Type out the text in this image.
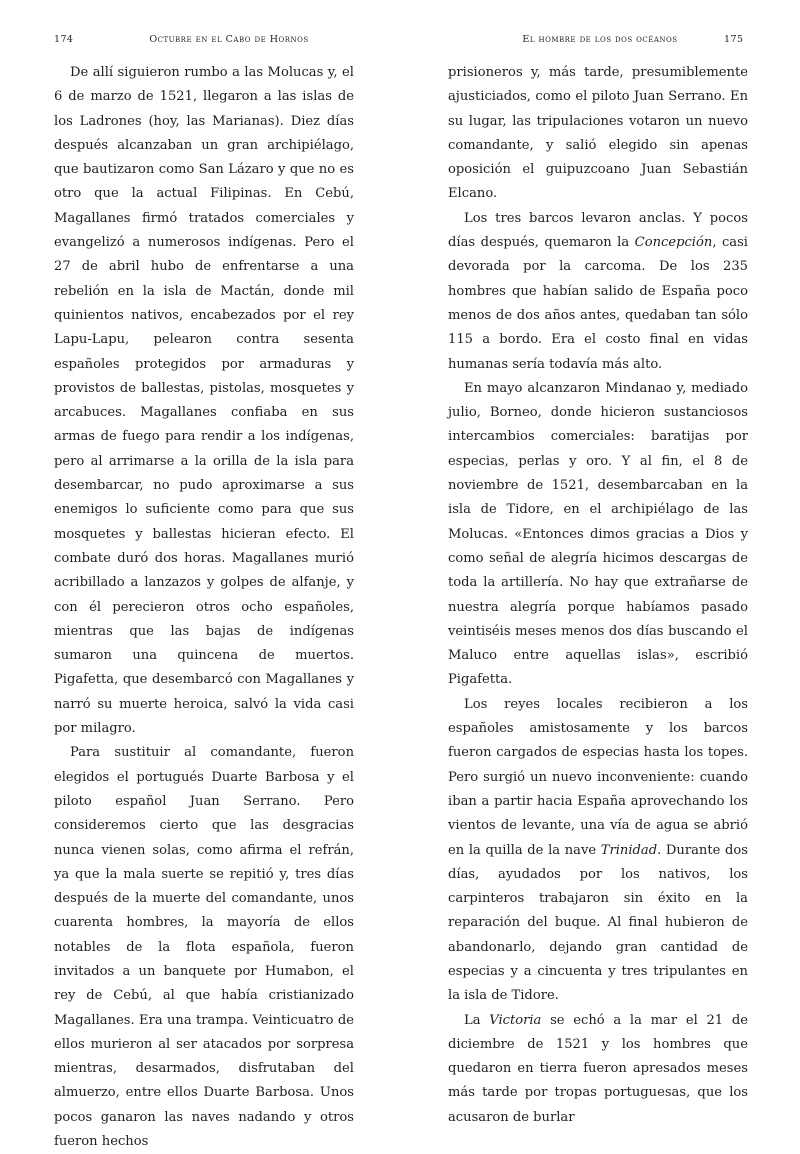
174	Octubre en el Cabo de Hornos

De allí siguieron rumbo a las Molucas y, el 6 de marzo de 1521, llegaron a las islas de los Ladrones (hoy, las Marianas). Diez días después alcanzaban un gran archipiélago, que bautizaron como San Lázaro y que no es otro que la actual Filipinas. En Cebú, Magallanes firmó tratados comerciales y evangelizó a numerosos indígenas. Pero el 27 de abril hubo de enfrentarse a una rebelión en la isla de Mactán, donde mil quinientos nativos, encabezados por el rey Lapu-Lapu, pelearon contra sesenta españoles protegidos por armaduras y provistos de ballestas, pistolas, mosquetes y arcabuces. Magallanes confiaba en sus armas de fuego para rendir a los indígenas, pero al arrimarse a la orilla de la isla para desembarcar, no pudo aproximarse a sus enemigos lo suficiente como para que sus mosquetes y ballestas hicieran efecto. El combate duró dos horas. Magallanes murió acribillado a lanzazos y golpes de alfanje, y con él perecieron otros ocho españoles, mientras que las bajas de indígenas sumaron una quincena de muertos. Pigafetta, que desembarcó con Magallanes y narró su muerte heroica, salvó la vida casi por milagro.

Para sustituir al comandante, fueron elegidos el portugués Duarte Barbosa y el piloto español Juan Serrano. Pero consideremos cierto que las desgracias nunca vienen solas, como afirma el refrán, ya que la mala suerte se repitió y, tres días después de la muerte del comandante, unos cuarenta hombres, la mayoría de ellos notables de la flota española, fueron invitados a un banquete por Humabon, el rey de Cebú, al que había cristianizado Magallanes. Era una trampa. Veinticuatro de ellos murieron al ser atacados por sorpresa mientras, desarmados, disfrutaban del almuerzo, entre ellos Duarte Barbosa. Unos pocos ganaron las naves nadando y otros fueron hechos

El hombre de los dos océanos	175

prisioneros y, más tarde, presumiblemente ajusticiados, como el piloto Juan Serrano. En su lugar, las tripulaciones votaron un nuevo comandante, y salió elegido sin apenas oposición el guipuzcoano Juan Sebastián Elcano.

Los tres barcos levaron anclas. Y pocos días después, quemaron la Concepción, casi devorada por la carcoma. De los 235 hombres que habían salido de España poco menos de dos años antes, quedaban tan sólo 115 a bordo. Era el costo final en vidas humanas sería todavía más alto.

En mayo alcanzaron Mindanao y, mediado julio, Borneo, donde hicieron sustanciosos intercambios comerciales: baratijas por especias, perlas y oro. Y al fin, el 8 de noviembre de 1521, desembarcaban en la isla de Tidore, en el archipiélago de las Molucas. «Entonces dimos gracias a Dios y como señal de alegría hicimos descargas de toda la artillería. No hay que extrañarse de nuestra alegría porque habíamos pasado veintiséis meses menos dos días buscando el Maluco entre aquellas islas», escribió Pigafetta.

Los reyes locales recibieron a los españoles amistosamente y los barcos fueron cargados de especias hasta los topes. Pero surgió un nuevo inconveniente: cuando iban a partir hacia España aprovechando los vientos de levante, una vía de agua se abrió en la quilla de la nave Trinidad. Durante dos días, ayudados por los nativos, los carpinteros trabajaron sin éxito en la reparación del buque. Al final hubieron de abandonarlo, dejando gran cantidad de especias y a cincuenta y tres tripulantes en la isla de Tidore.

La Victoria se echó a la mar el 21 de diciembre de 1521 y los hombres que quedaron en tierra fueron apresados meses más tarde por tropas portuguesas, que los acusaron de burlar
